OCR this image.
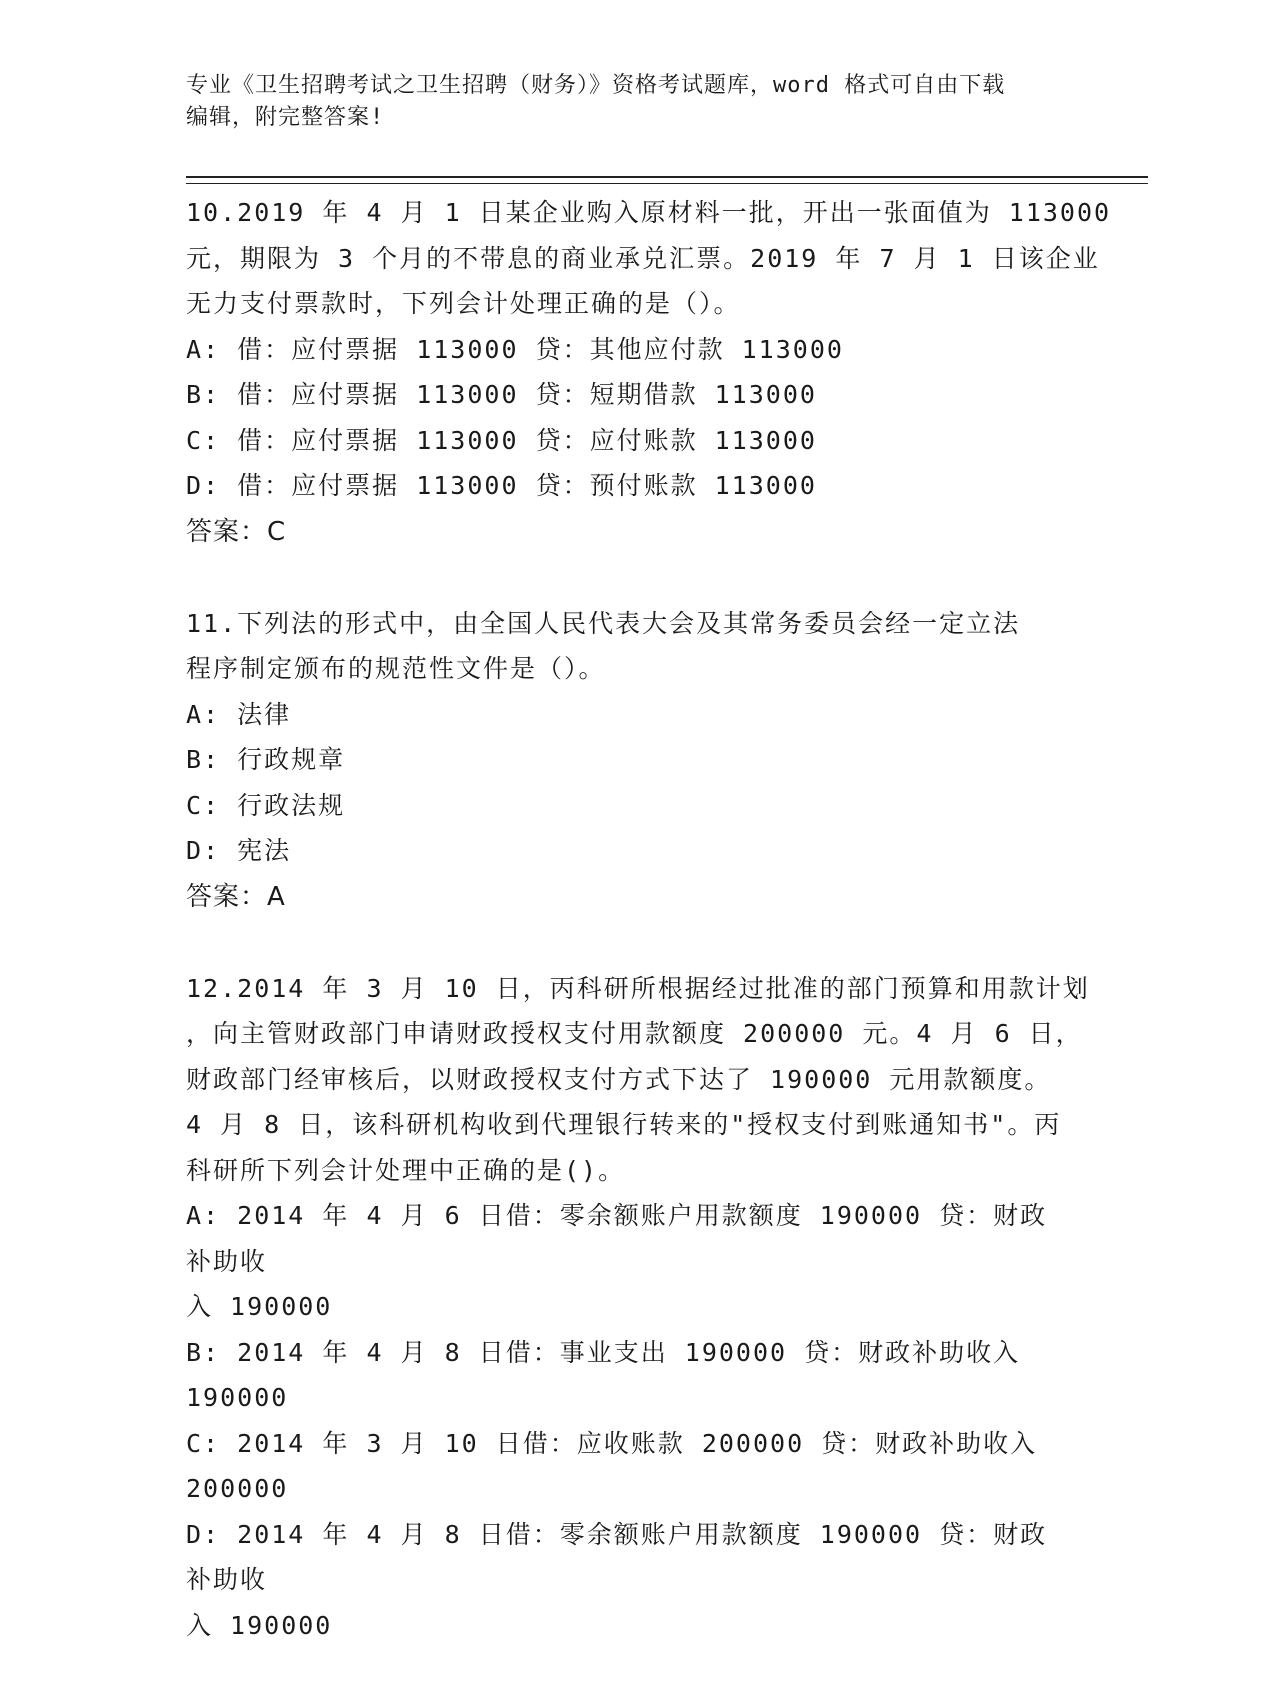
专业《卫生招聘考试之卫生招聘（财务）》资格考试题库，word 格式可自由下载
编辑，附完整答案!
10.2019 年 4 月 1 日某企业购入原材料一批，开出一张面值为 113000
元，期限为 3 个月的不带息的商业承兑汇票。2019 年 7 月 1 日该企业
无力支付票款时，下列会计处理正确的是（）。
A: 借：应付票据 113000 贷：其他应付款 113000
B: 借：应付票据 113000 贷：短期借款 113000
C: 借：应付票据 113000 贷：应付账款 113000
D: 借：应付票据 113000 贷：预付账款 113000
答案：C
11.下列法的形式中，由全国人民代表大会及其常务委员会经一定立法
程序制定颁布的规范性文件是（）。
A: 法律
B: 行政规章
C: 行政法规
D: 宪法
答案：A
12.2014 年 3 月 10 日，丙科研所根据经过批准的部门预算和用款计划
，向主管财政部门申请财政授权支付用款额度 200000 元。4 月 6 日，
财政部门经审核后，以财政授权支付方式下达了 190000 元用款额度。
4 月 8 日，该科研机构收到代理银行转来的"授权支付到账通知书"。丙
科研所下列会计处理中正确的是()。
A: 2014 年 4 月 6 日借：零余额账户用款额度 190000 贷：财政补助收
入 190000
B: 2014 年 4 月 8 日借：事业支出 190000 贷：财政补助收入 190000
C: 2014 年 3 月 10 日借：应收账款 200000 贷：财政补助收入 200000
D: 2014 年 4 月 8 日借：零余额账户用款额度 190000 贷：财政补助收
入 190000
